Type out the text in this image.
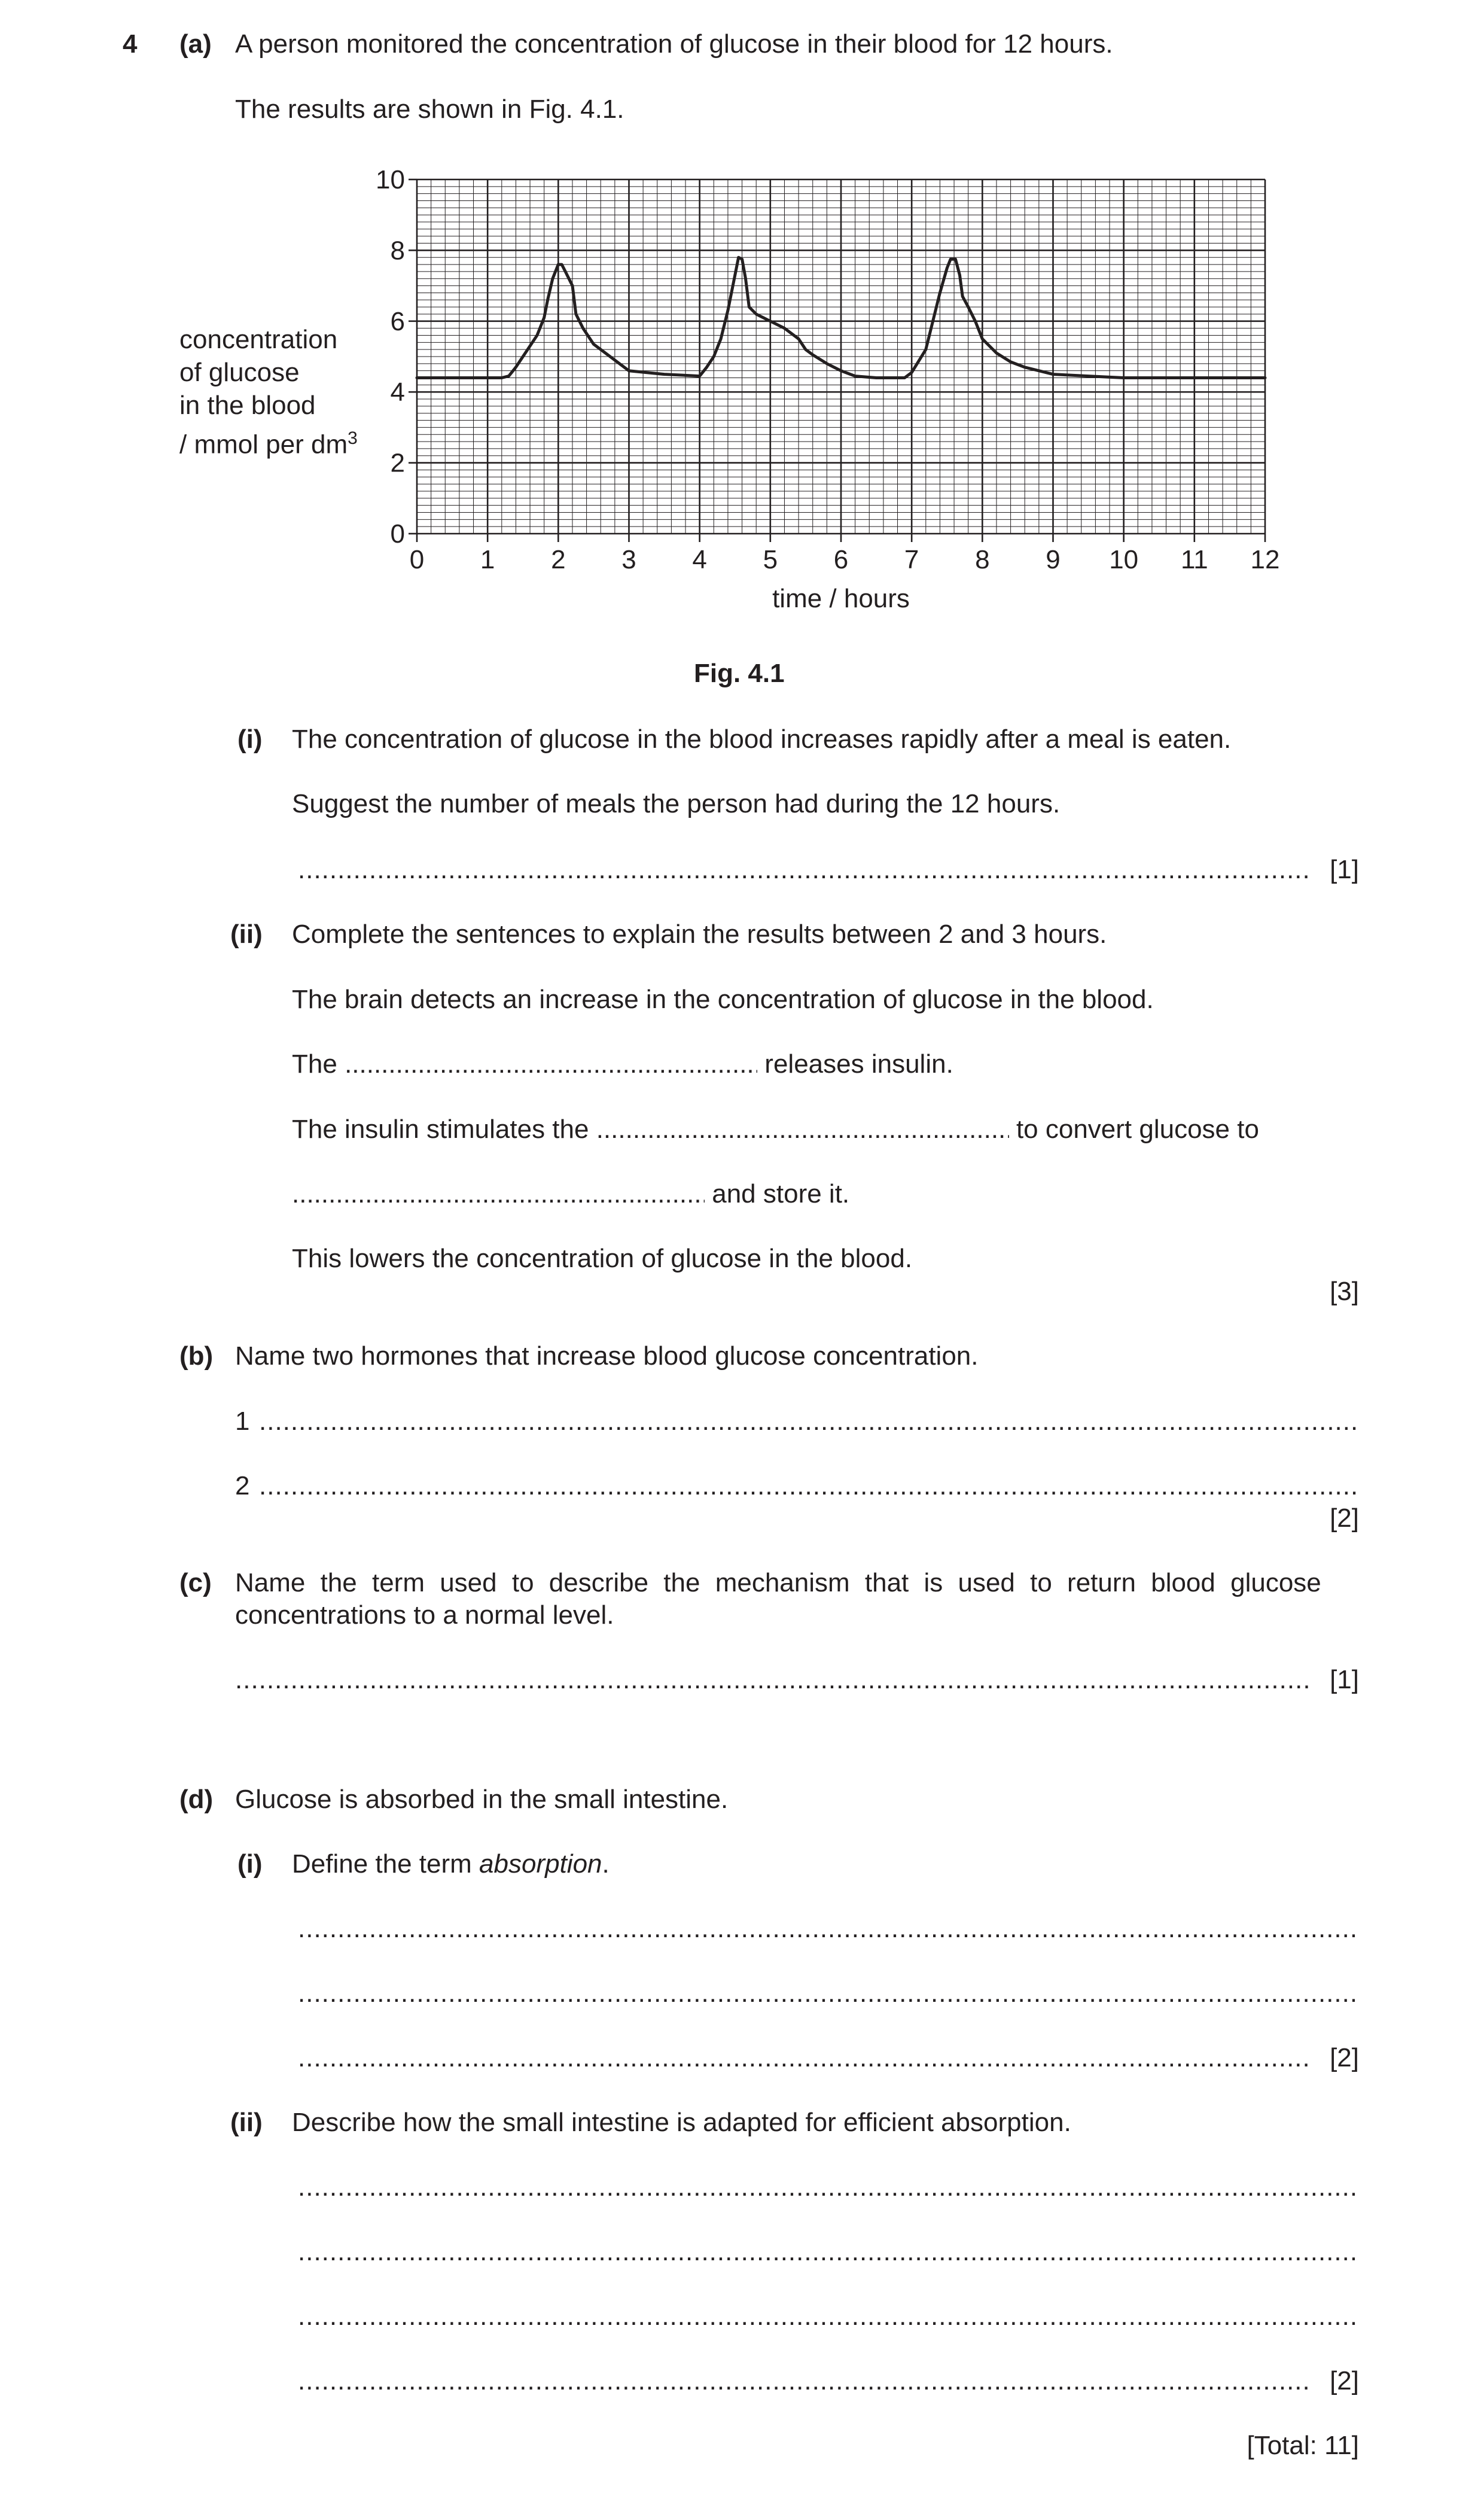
4 (a) A person monitored the concentration of glucose in their blood for 12 hours.
The results are shown in Fig. 4.1.
0 1 2 3 4 5 6 7 8 9 10 11 12
0
2
4
6
8
10
time / hours
concentration
of glucose
in the blood
/ mmol per $dm^3$
Fig. 4.1
(i) The concentration of glucose in the blood increases rapidly after a meal is eaten.
Suggest the number of meals the person had during the 12 hours.
.....
[1]
(ii) Complete the sentences to explain the results between 2 and 3 hours.
The brain detects an increase in the concentration of glucose in the blood.
The .....	releases insulin.
The insulin stimulates the .....	to convert glucose to
..... and store it.
This lowers the concentration of glucose in the blood.
[3]
(b) Name two hormones that increase blood glucose concentration.
1
.....
2
.....
[2]
(c) Name the term used to describe the mechanism that is used to return blood glucose
concentrations to a normal level.
.....
[1]
(d) Glucose is absorbed in the small intestine.
(i) Define the term absorption.
.....
.....
.....
[2]
(ii) Describe how the small intestine is adapted for efficient absorption.
.....
.....
.....
.....
[2]
[Total: 11]
